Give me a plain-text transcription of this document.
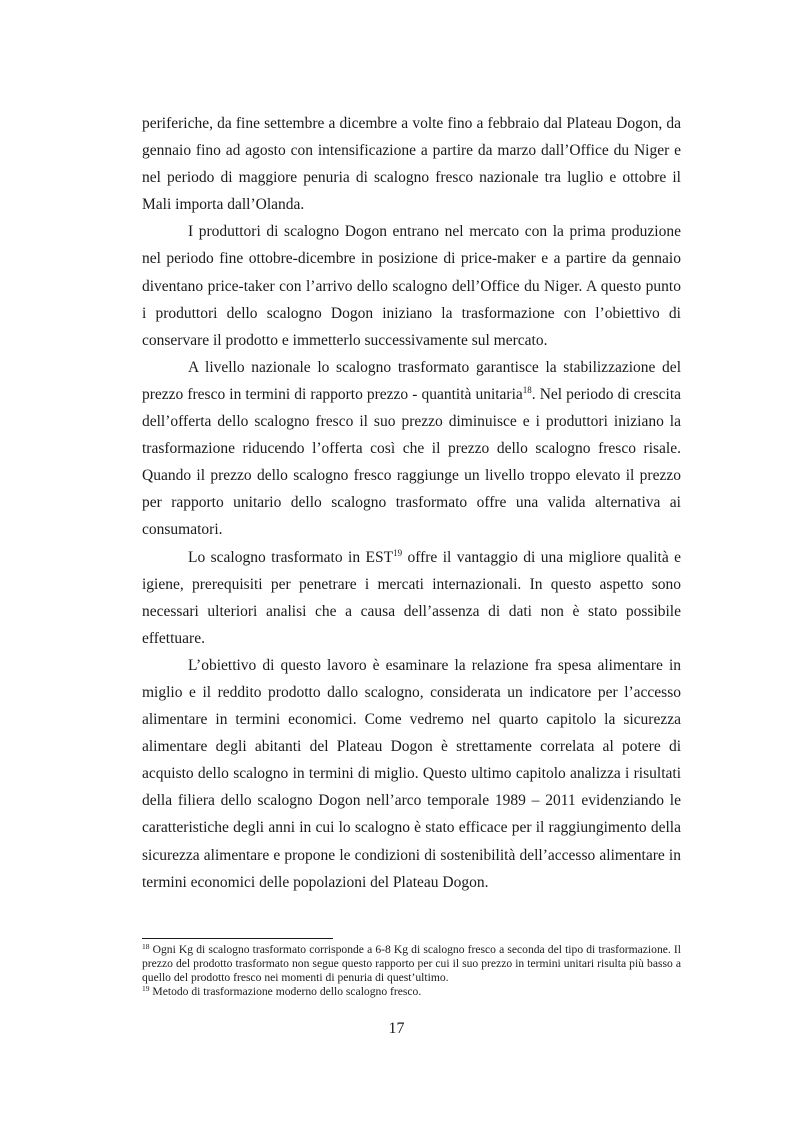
periferiche, da fine settembre a dicembre a volte fino a febbraio dal Plateau Dogon, da gennaio fino ad agosto con intensificazione a partire da marzo dall’Office du Niger e nel periodo di maggiore penuria di scalogno fresco nazionale tra luglio e ottobre il Mali importa dall’Olanda.

I produttori di scalogno Dogon entrano nel mercato con la prima produzione nel periodo fine ottobre-dicembre in posizione di price-maker e a partire da gennaio diventano price-taker con l’arrivo dello scalogno dell’Office du Niger. A questo punto i produttori dello scalogno Dogon iniziano la trasformazione con l’obiettivo di conservare il prodotto e immetterlo successivamente sul mercato.

A livello nazionale lo scalogno trasformato garantisce la stabilizzazione del prezzo fresco in termini di rapporto prezzo - quantità unitaria$^{18}$. Nel periodo di crescita dell’offerta dello scalogno fresco il suo prezzo diminuisce e i produttori iniziano la trasformazione riducendo l’offerta così che il prezzo dello scalogno fresco risale. Quando il prezzo dello scalogno fresco raggiunge un livello troppo elevato il prezzo per rapporto unitario dello scalogno trasformato offre una valida alternativa ai consumatori.

Lo scalogno trasformato in EST$^{19}$ offre il vantaggio di una migliore qualità e igiene, prerequisiti per penetrare i mercati internazionali. In questo aspetto sono necessari ulteriori analisi che a causa dell’assenza di dati non è stato possibile effettuare.

L’obiettivo di questo lavoro è esaminare la relazione fra spesa alimentare in miglio e il reddito prodotto dallo scalogno, considerata un indicatore per l’accesso alimentare in termini economici. Come vedremo nel quarto capitolo la sicurezza alimentare degli abitanti del Plateau Dogon è strettamente correlata al potere di acquisto dello scalogno in termini di miglio. Questo ultimo capitolo analizza i risultati della filiera dello scalogno Dogon nell’arco temporale 1989 – 2011 evidenziando le caratteristiche degli anni in cui lo scalogno è stato efficace per il raggiungimento della sicurezza alimentare e propone le condizioni di sostenibilità dell’accesso alimentare in termini economici delle popolazioni del Plateau Dogon.

$^{18}$ Ogni Kg di scalogno trasformato corrisponde a 6-8 Kg di scalogno fresco a seconda del tipo di trasformazione. Il prezzo del prodotto trasformato non segue questo rapporto per cui il suo prezzo in termini unitari risulta più basso a quello del prodotto fresco nei momenti di penuria di quest’ultimo.

$^{19}$ Metodo di trasformazione moderno dello scalogno fresco.

17
